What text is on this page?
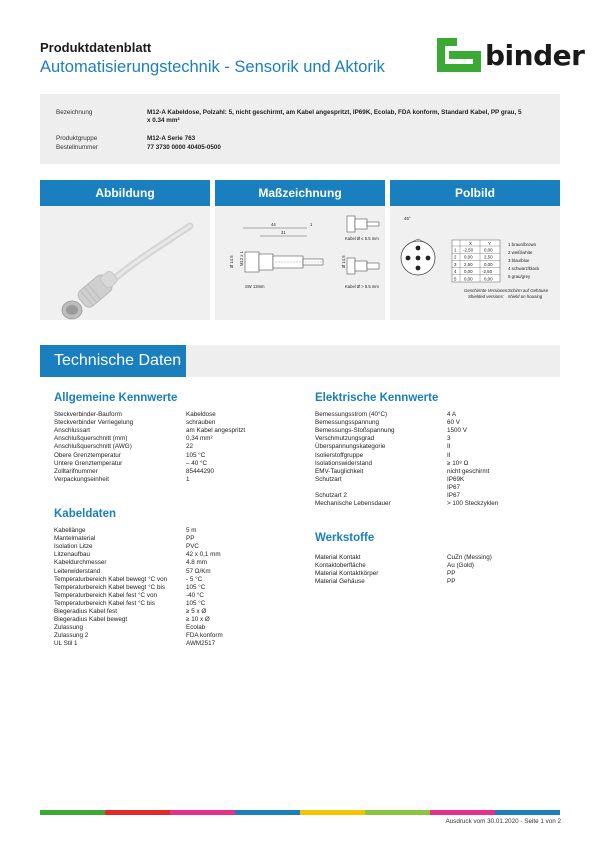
Produktdatenblatt
Automatisierungstechnik - Sensorik und Aktorik	binder
Bezeichnung	M12-A Kabeldose, Polzahl: 5, nicht geschirmt, am Kabel angespritzt, IP69K, Ecolab, FDA konform, Standard Kabel, PP grau, 5
x 0.34 mm²
Produktgruppe	M12-A Serie 763
Bestellnummer	77 3730 0000 40405-0500
Abbildung	Maßzeichnung
44
31
1
Ø 14.5 M12 x 1
SW 13mm
Kabel Ø ≤ 5.5 mm
Ø 14.5
Kabel Ø > 5.5 mm
Polbild
45°
X	Y
1 -2,50 0,00
2 0,00	2,50
3 2,50	0,00
4 0,00 -2,50
5 0,00	0,00
1 braun/brown
2 weiß/white
3 blau/blue
4 schwarz/black
5 grau/grey
Geschirmte Versionen: Schirm auf Gehäuse
Shielded versions: shield on housing
Technische Daten
Allgemeine Kennwerte
Steckverbinder-Bauform	Kabeldose
Steckverbinder Verriegelung	schrauben
Anschlussart	am Kabel angespritzt
Anschlußquerschnitt (mm)	0,34 mm²
Anschlußquerschnitt (AWG)	22
Obere Grenztemperatur	105 °C
Untere Grenztemperatur	– 40 °C
Zolltarifnummer	85444290
Verpackungseinheit	1
Kabeldaten
Kabellänge	5 m
Mantelmaterial	PP
Isolation Litze	PVC
Litzenaufbau	42 x 0,1 mm
Kabeldurchmesser	4.8 mm
Leiterwiderstand	57 Ω/Km
Temperaturbereich Kabel bewegt °C von	- 5 °C
Temperaturbereich Kabel bewegt °C bis	105 °C
Temperaturbereich Kabel fest °C von	-40 °C
Temperaturbereich Kabel fest °C bis	105 °C
Biegeradius Kabel fest	≥ 5 x Ø
Biegeradius Kabel bewegt	≥ 10 x Ø
Zulassung	Ecolab
Zulassung 2	FDA konform
UL Stil 1	AWM2517
Elektrische Kennwerte
Bemessungsstrom (40°C)	4 A
Bemessungsspannung	60 V
Bemessungs-Stoßspannung	1500 V
Verschmutzungsgrad	3
Überspannungskategorie	II
Isolierstoffgruppe	II
Isolationswiderstand	≥ 10⁸ Ω
EMV-Tauglichkeit	nicht geschirmt
Schutzart	IP69K
IP67
Schutzart 2	IP67
Mechanische Lebensdauer	> 100 Steckzyklen
Werkstoffe
Material Kontakt	CuZn (Messing)
Kontaktoberfläche	Au (Gold)
Material Kontaktkörper	PP
Material Gehäuse	PP
Ausdruck vom 30.01.2020 - Seite 1 von 2
